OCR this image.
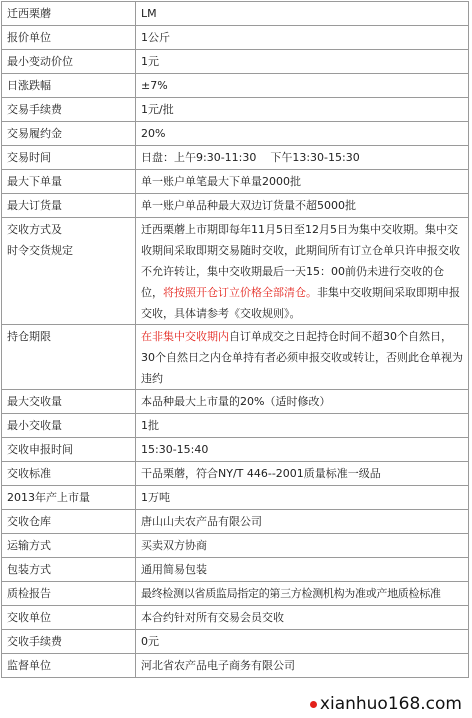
迁西栗蘑	LM
报价单位	1公斤
最小变动价位	1元
日涨跌幅	±7%
交易手续费	1元/批
交易履约金	20%
交易时间	日盘：上午9:30-11:30    下午13:30-15:30
最大下单量	单一账户单笔最大下单量2000批
最大订货量	单一账户单品种最大双边订货量不超5000批
交收方式及
时令交货规定	迁西栗蘑上市期即每年11月5日至12月5日为集中交收期。集中交收期间采取即期交易随时交收，此期间所有订立仓单只许申报交收不允许转让，集中交收期最后一天15：00前仍未进行交收的仓位，将按照开仓订立价格全部清仓。非集中交收期间采取即期申报交收，具体请参考《交收规则》。
持仓期限	在非集中交收期内自订单成交之日起持仓时间不超30个自然日，30个自然日之内仓单持有者必须申报交收或转让，否则此仓单视为违约
最大交收量	本品种最大上市量的20%（适时修改）
最小交收量	1批
交收申报时间	15:30-15:40
交收标准	干品栗蘑，符合NY/T 446--2001质量标准一级品
2013年产上市量	1万吨
交收仓库	唐山山夫农产品有限公司
运输方式	买卖双方协商
包装方式	通用简易包装
质检报告	最终检测以省质监局指定的第三方检测机构为准或产地质检标准
交收单位	本合约针对所有交易会员交收
交收手续费	0元
监督单位	河北省农产品电子商务有限公司
xianhuo168.com
